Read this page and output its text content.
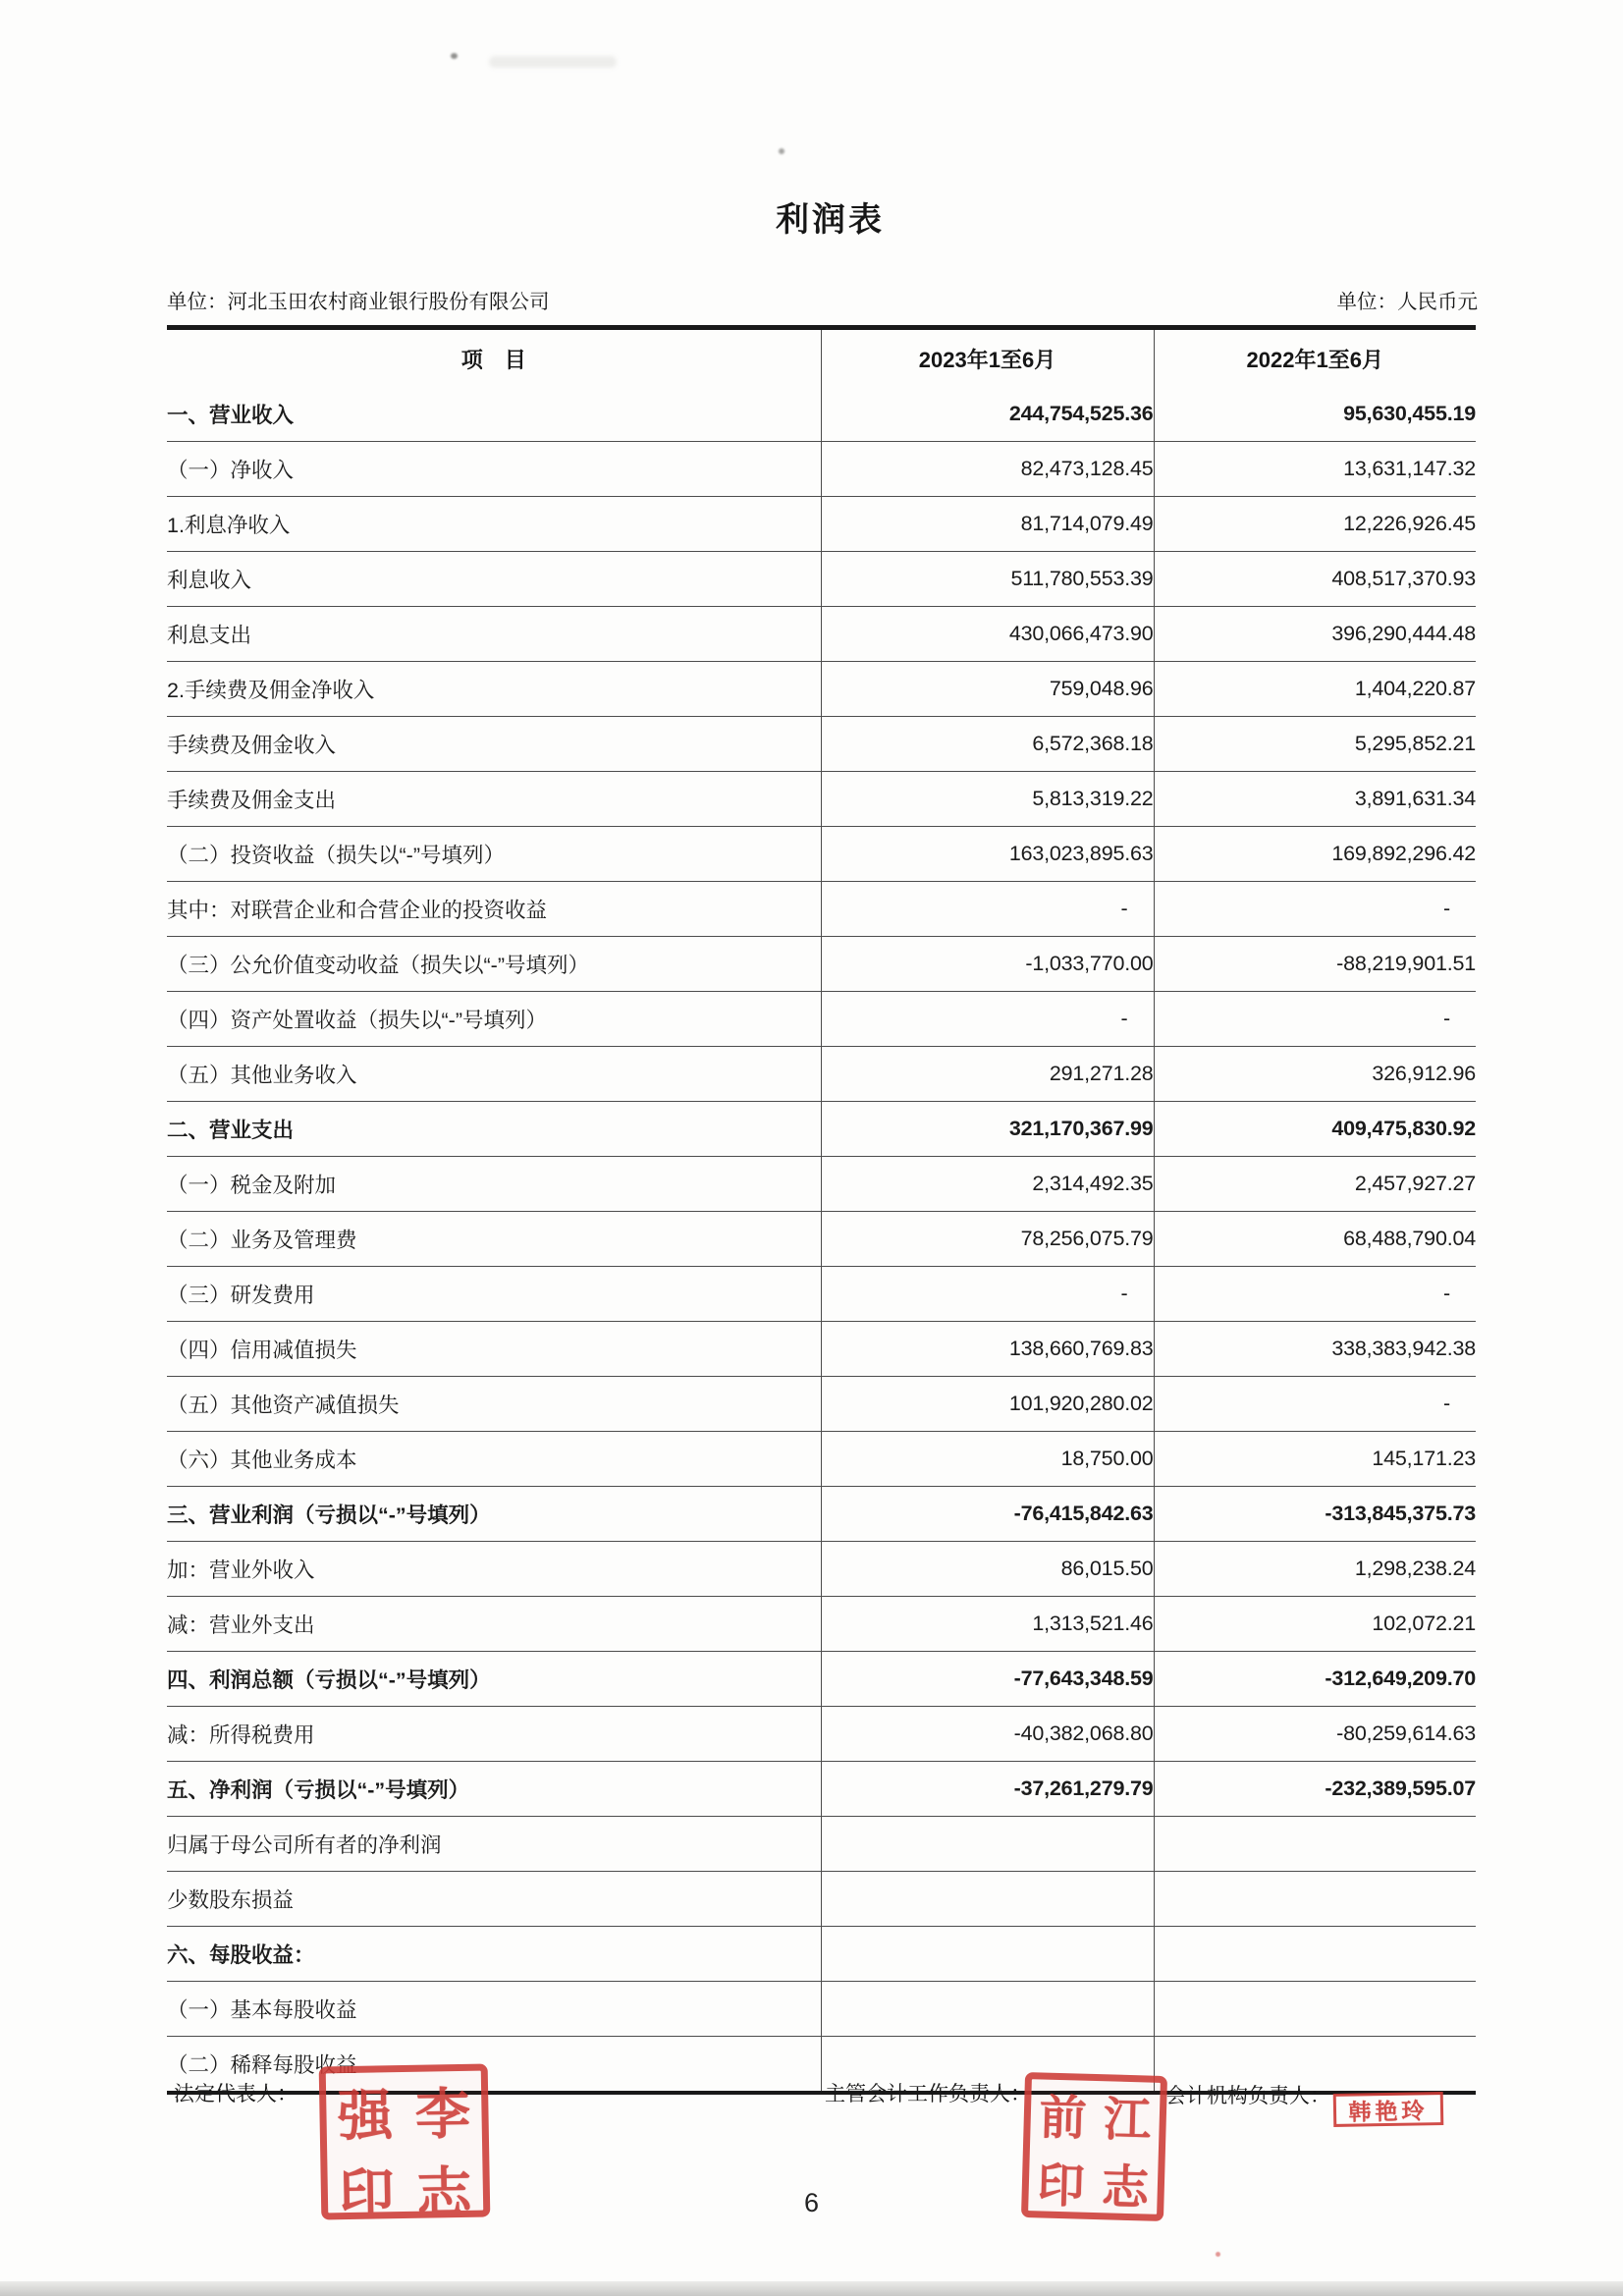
利润表
单位：河北玉田农村商业银行股份有限公司	单位：人民币元
项　目	2023年1至6月	2022年1至6月
一、营业收入	244,754,525.36	95,630,455.19
（一）净收入	82,473,128.45	13,631,147.32
1.利息净收入	81,714,079.49	12,226,926.45
利息收入	511,780,553.39	408,517,370.93
利息支出	430,066,473.90	396,290,444.48
2.手续费及佣金净收入	759,048.96	1,404,220.87
手续费及佣金收入	6,572,368.18	5,295,852.21
手续费及佣金支出	5,813,319.22	3,891,631.34
（二）投资收益（损失以“-”号填列）	163,023,895.63	169,892,296.42
其中：对联营企业和合营企业的投资收益	-	-
（三）公允价值变动收益（损失以“-”号填列）	-1,033,770.00	-88,219,901.51
（四）资产处置收益（损失以“-”号填列）	-	-
（五）其他业务收入	291,271.28	326,912.96
二、营业支出	321,170,367.99	409,475,830.92
（一）税金及附加	2,314,492.35	2,457,927.27
（二）业务及管理费	78,256,075.79	68,488,790.04
（三）研发费用	-	-
（四）信用减值损失	138,660,769.83	338,383,942.38
（五）其他资产减值损失	101,920,280.02	-
（六）其他业务成本	18,750.00	145,171.23
三、营业利润（亏损以“-”号填列）	-76,415,842.63	-313,845,375.73
加：营业外收入	86,015.50	1,298,238.24
减：营业外支出	1,313,521.46	102,072.21
四、利润总额（亏损以“-”号填列）	-77,643,348.59	-312,649,209.70
减：所得税费用	-40,382,068.80	-80,259,614.63
五、净利润（亏损以“-”号填列）	-37,261,279.79	-232,389,595.07
归属于母公司所有者的净利润		
少数股东损益		
六、每股收益：		
（一）基本每股收益		
（二）稀释每股收益		
法定代表人：	主管会计工作负责人：	会计机构负责人：
强 李
印 志
前 江
印 志
韩艳玲
6
